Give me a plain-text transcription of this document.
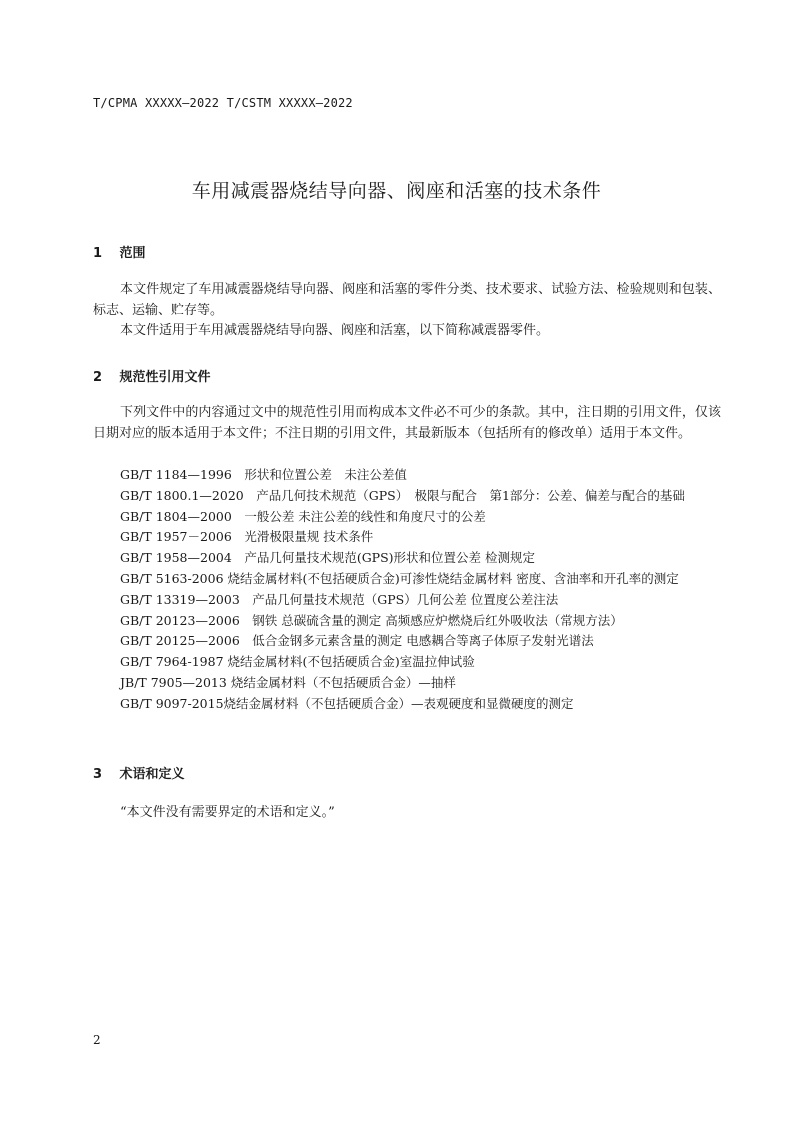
T/CPMA XXXXX—2022 T/CSTM XXXXX—2022
车用减震器烧结导向器、阀座和活塞的技术条件
1 范围
本文件规定了车用减震器烧结导向器、阀座和活塞的零件分类、技术要求、试验方法、检验规则和包装、标志、运输、贮存等。
本文件适用于车用减震器烧结导向器、阀座和活塞，以下简称减震器零件。
2 规范性引用文件
下列文件中的内容通过文中的规范性引用而构成本文件必不可少的条款。其中，注日期的引用文件，仅该日期对应的版本适用于本文件；不注日期的引用文件，其最新版本（包括所有的修改单）适用于本文件。
GB/T 1184—1996　形状和位置公差　未注公差值
GB/T 1800.1—2020　产品几何技术规范（GPS）　极限与配合　第1部分：公差、偏差与配合的基础
GB/T 1804—2000　一般公差 未注公差的线性和角度尺寸的公差
GB/T 1957－2006　光滑极限量规 技术条件
GB/T 1958—2004　产品几何量技术规范(GPS)形状和位置公差 检测规定
GB/T 5163-2006 烧结金属材料(不包括硬质合金)可渗性烧结金属材料 密度、含油率和开孔率的测定
GB/T 13319—2003　产品几何量技术规范（GPS）几何公差 位置度公差注法
GB/T 20123—2006　钢铁 总碳硫含量的测定 高频感应炉燃烧后红外吸收法（常规方法）
GB/T 20125—2006　低合金钢多元素含量的测定 电感耦合等离子体原子发射光谱法
GB/T 7964-1987 烧结金属材料(不包括硬质合金)室温拉伸试验
JB/T 7905—2013 烧结金属材料（不包括硬质合金）—抽样
GB/T 9097-2015烧结金属材料（不包括硬质合金）—表观硬度和显微硬度的测定
3 术语和定义
“本文件没有需要界定的术语和定义。”
2
